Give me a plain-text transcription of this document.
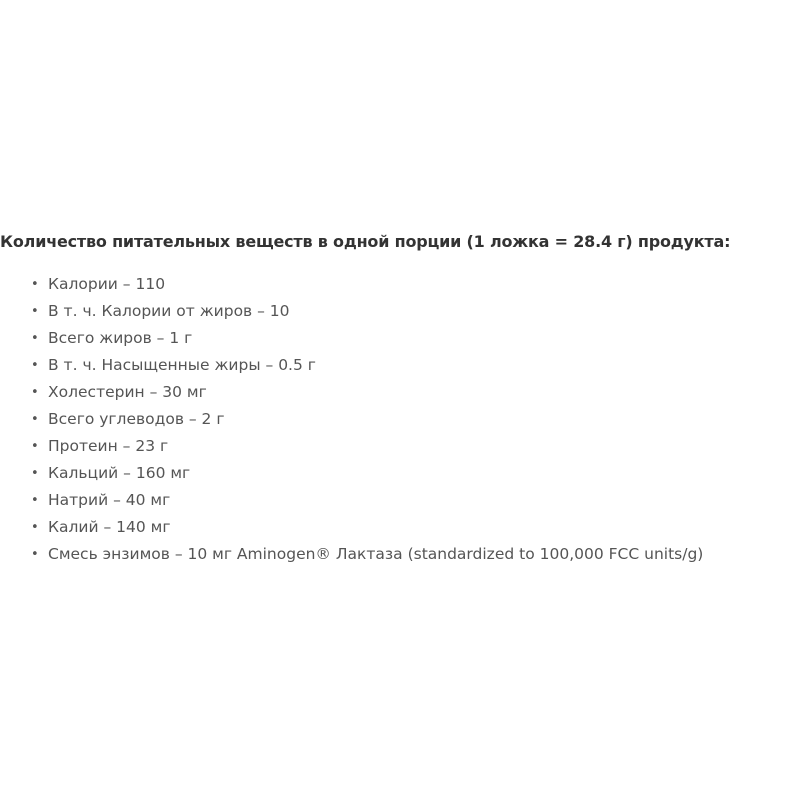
Количество питательных веществ в одной порции (1 ложка = 28.4 г) продукта:

• Калории – 110
• В т. ч. Калории от жиров – 10
• Всего жиров – 1 г
• В т. ч. Насыщенные жиры – 0.5 г
• Холестерин – 30 мг
• Всего углеводов – 2 г
• Протеин – 23 г
• Кальций – 160 мг
• Натрий – 40 мг
• Калий – 140 мг
• Смесь энзимов – 10 мг Aminogen® Лактаза (standardized to 100,000 FCC units/g)
